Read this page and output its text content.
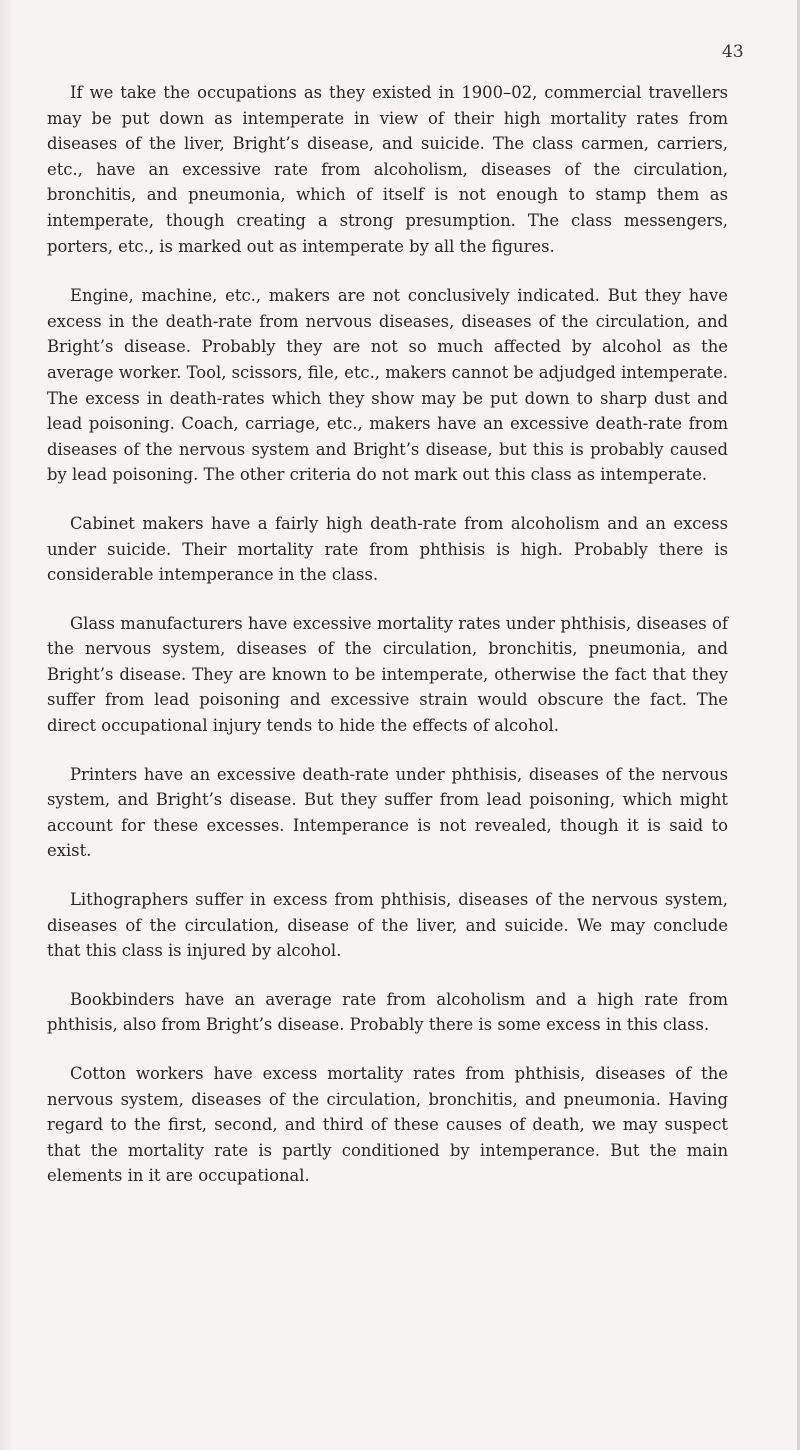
43

If we take the occupations as they existed in 1900–02, commercial travellers may be put down as intemperate in view of their high mortality rates from diseases of the liver, Bright’s disease, and suicide. The class carmen, carriers, etc., have an excessive rate from alcoholism, diseases of the circulation, bronchitis, and pneumonia, which of itself is not enough to stamp them as intemperate, though creating a strong presumption. The class messengers, porters, etc., is marked out as intemperate by all the figures.

Engine, machine, etc., makers are not conclusively indicated. But they have excess in the death-rate from nervous diseases, diseases of the circulation, and Bright’s disease. Probably they are not so much affected by alcohol as the average worker. Tool, scissors, file, etc., makers cannot be adjudged intemperate. The excess in death-rates which they show may be put down to sharp dust and lead poisoning. Coach, carriage, etc., makers have an excessive death-rate from diseases of the nervous system and Bright’s disease, but this is probably caused by lead poisoning. The other criteria do not mark out this class as intemperate.

Cabinet makers have a fairly high death-rate from alcoholism and an excess under suicide. Their mortality rate from phthisis is high. Probably there is considerable intemperance in the class.

Glass manufacturers have excessive mortality rates under phthisis, diseases of the nervous system, diseases of the circulation, bronchitis, pneumonia, and Bright’s disease. They are known to be intemperate, otherwise the fact that they suffer from lead poisoning and excessive strain would obscure the fact. The direct occupational injury tends to hide the effects of alcohol.

Printers have an excessive death-rate under phthisis, diseases of the nervous system, and Bright’s disease. But they suffer from lead poisoning, which might account for these excesses. Intemperance is not revealed, though it is said to exist.

Lithographers suffer in excess from phthisis, diseases of the nervous system, diseases of the circulation, disease of the liver, and suicide. We may conclude that this class is injured by alcohol.

Bookbinders have an average rate from alcoholism and a high rate from phthisis, also from Bright’s disease. Probably there is some excess in this class.

Cotton workers have excess mortality rates from phthisis, diseases of the nervous system, diseases of the circulation, bronchitis, and pneumonia. Having regard to the first, second, and third of these causes of death, we may suspect that the mortality rate is partly conditioned by intemperance. But the main elements in it are occupational.
